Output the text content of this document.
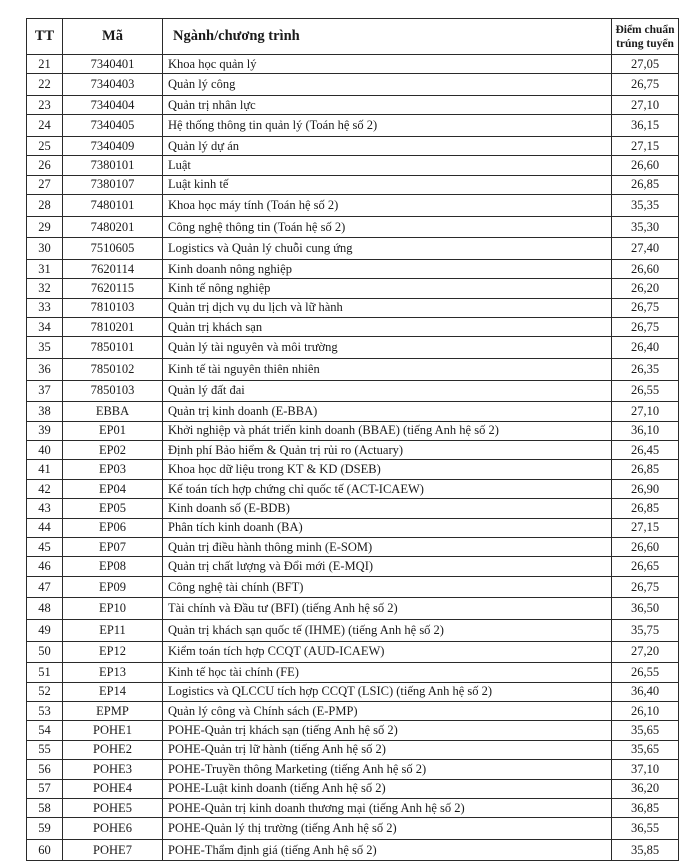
TT	Mã	Ngành/chương trình	Điểm chuẩn
trúng tuyển
21	7340401	Khoa học quản lý	27,05
22	7340403	Quản lý công	26,75
23	7340404	Quản trị nhân lực	27,10
24	7340405	Hệ thống thông tin quản lý (Toán hệ số 2)	36,15
25	7340409	Quản lý dự án	27,15
26	7380101	Luật	26,60
27	7380107	Luật kinh tế	26,85
28	7480101	Khoa học máy tính (Toán hệ số 2)	35,35
29	7480201	Công nghệ thông tin (Toán hệ số 2)	35,30
30	7510605	Logistics và Quản lý chuỗi cung ứng	27,40
31	7620114	Kinh doanh nông nghiệp	26,60
32	7620115	Kinh tế nông nghiệp	26,20
33	7810103	Quản trị dịch vụ du lịch và lữ hành	26,75
34	7810201	Quản trị khách sạn	26,75
35	7850101	Quản lý tài nguyên và môi trường	26,40
36	7850102	Kinh tế tài nguyên thiên nhiên	26,35
37	7850103	Quản lý đất đai	26,55
38	EBBA	Quản trị kinh doanh (E-BBA)	27,10
39	EP01	Khởi nghiệp và phát triển kinh doanh (BBAE) (tiếng Anh hệ số 2)	36,10
40	EP02	Định phí Bảo hiểm & Quản trị rủi ro (Actuary)	26,45
41	EP03	Khoa học dữ liệu trong KT & KD (DSEB)	26,85
42	EP04	Kế toán tích hợp chứng chỉ quốc tế (ACT-ICAEW)	26,90
43	EP05	Kinh doanh số (E-BDB)	26,85
44	EP06	Phân tích kinh doanh (BA)	27,15
45	EP07	Quản trị điều hành thông minh (E-SOM)	26,60
46	EP08	Quản trị chất lượng và Đổi mới (E-MQI)	26,65
47	EP09	Công nghệ tài chính (BFT)	26,75
48	EP10	Tài chính và Đầu tư (BFI) (tiếng Anh hệ số 2)	36,50
49	EP11	Quản trị khách sạn quốc tế (IHME) (tiếng Anh hệ số 2)	35,75
50	EP12	Kiểm toán tích hợp CCQT (AUD-ICAEW)	27,20
51	EP13	Kinh tế học tài chính (FE)	26,55
52	EP14	Logistics và QLCCU tích hợp CCQT (LSIC) (tiếng Anh hệ số 2)	36,40
53	EPMP	Quản lý công và Chính sách (E-PMP)	26,10
54	POHE1	POHE-Quản trị khách sạn (tiếng Anh hệ số 2)	35,65
55	POHE2	POHE-Quản trị lữ hành (tiếng Anh hệ số 2)	35,65
56	POHE3	POHE-Truyền thông Marketing (tiếng Anh hệ số 2)	37,10
57	POHE4	POHE-Luật kinh doanh (tiếng Anh hệ số 2)	36,20
58	POHE5	POHE-Quản trị kinh doanh thương mại (tiếng Anh hệ số 2)	36,85
59	POHE6	POHE-Quản lý thị trường (tiếng Anh hệ số 2)	36,55
60	POHE7	POHE-Thẩm định giá (tiếng Anh hệ số 2)	35,85
